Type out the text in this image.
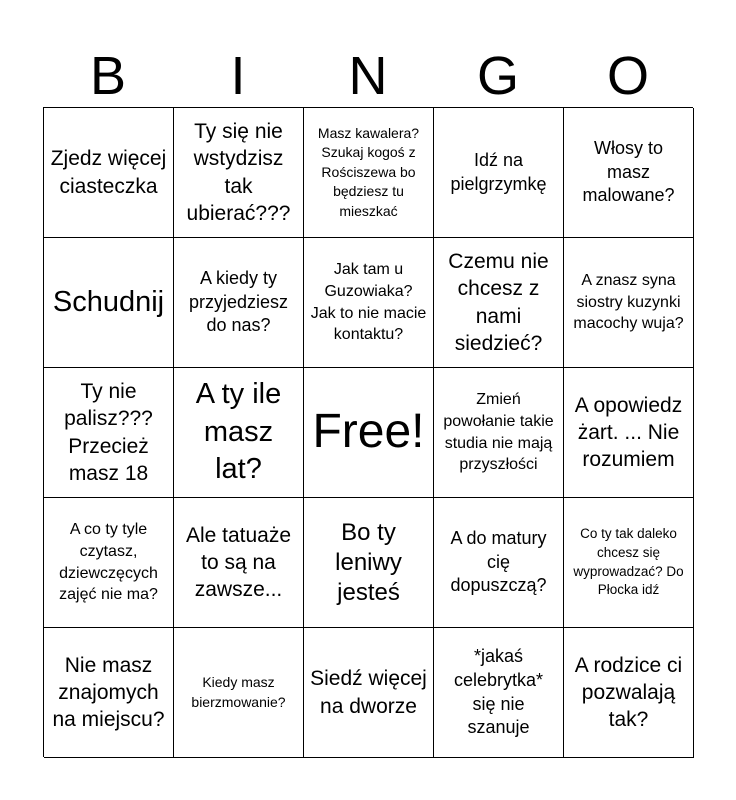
B	I	N	G	O
Zjedz więcej ciasteczka
Ty się nie wstydzisz tak ubierać???
Masz kawalera? Szukaj kogoś z Rościszewa bo będziesz tu mieszkać
Idź na pielgrzymkę
Włosy to masz malowane?
Schudnij
A kiedy ty przyjedziesz do nas?
Jak tam u Guzowiaka? Jak to nie macie kontaktu?
Czemu nie chcesz z nami siedzieć?
A znasz syna siostry kuzynki macochy wuja?
Ty nie palisz??? Przecież masz 18
A ty ile masz lat?
Free!
Zmień powołanie takie studia nie mają przyszłości
A opowiedz żart. ... Nie rozumiem
A co ty tyle czytasz, dziewczęcych zajęć nie ma?
Ale tatuaże to są na zawsze...
Bo ty leniwy jesteś
A do matury cię dopuszczą?
Co ty tak daleko chcesz się wyprowadzać? Do Płocka idź
Nie masz znajomych na miejscu?
Kiedy masz bierzmowanie?
Siedź więcej na dworze
*jakaś celebrytka* się nie szanuje
A rodzice ci pozwalają tak?
